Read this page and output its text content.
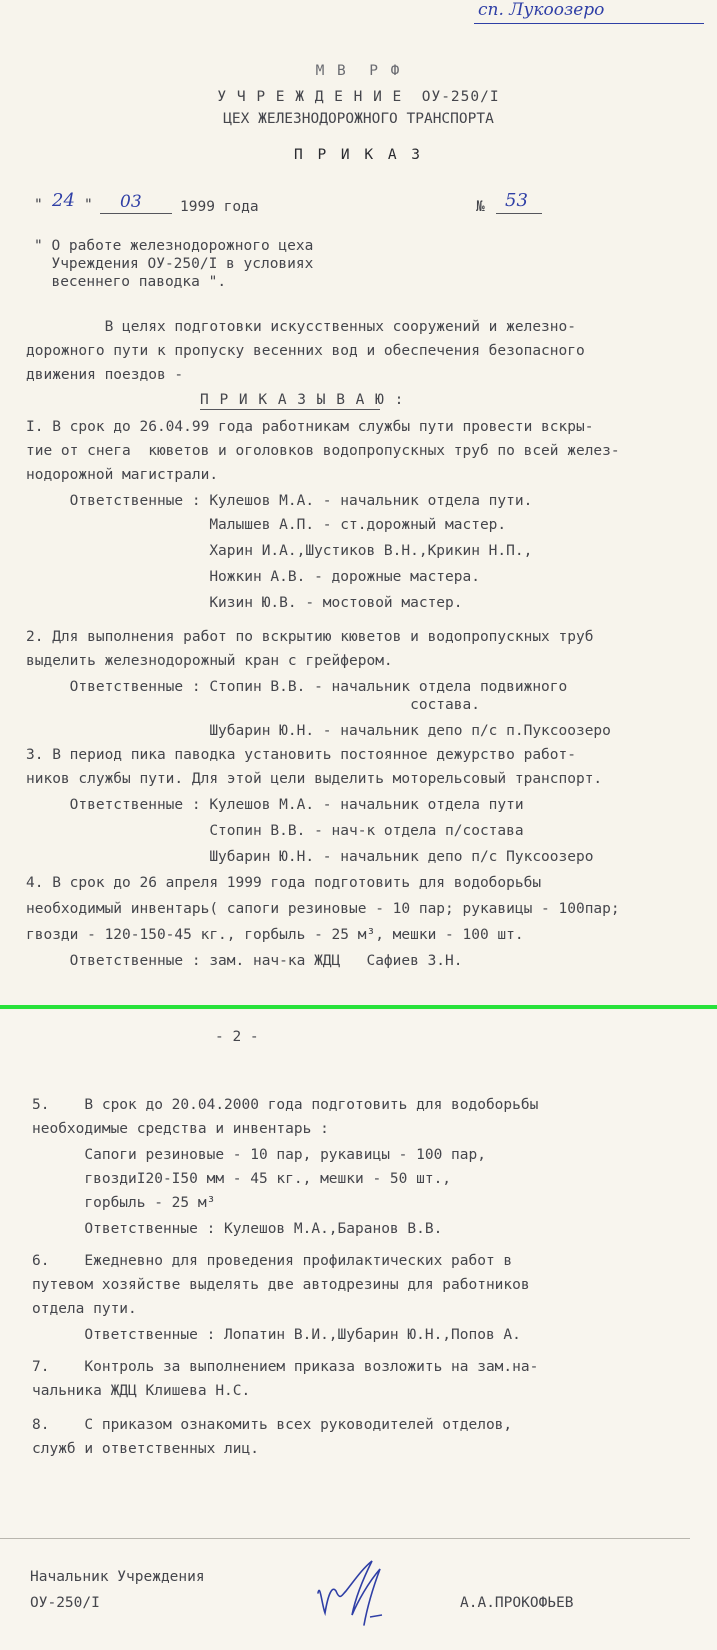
сп. Лукоозеро
М В  Р Ф
У Ч Р Е Ж Д Е Н И Е  ОУ-250/I
ЦЕХ ЖЕЛЕЗНОДОРОЖНОГО ТРАНСПОРТА
П Р И К А З
" 24 " 03	1999 года	№ 53
" О работе железнодорожного цеха
Учреждения ОУ-250/I в условиях
весеннего паводка ".
В целях подготовки искусственных сооружений и железно-
дорожного пути к пропуску весенних вод и обеспечения безопасного
движения поездов -
П Р И К А З Ы В А Ю :
I. В срок до 26.04.99 года работникам службы пути провести вскры-
тие от снега  кюветов и оголовков водопропускных труб по всей желез-
нодорожной магистрали.
Ответственные : Кулешов М.А. - начальник отдела пути.
Малышев А.П. - ст.дорожный мастер.
Харин И.А.,Шустиков В.Н.,Крикин Н.П.,
Ножкин А.В. - дорожные мастера.
Кизин Ю.В. - мостовой мастер.
2. Для выполнения работ по вскрытию кюветов и водопропускных труб
выделить железнодорожный кран с грейфером.
Ответственные : Стопин В.В. - начальник отдела подвижного
состава.
Шубарин Ю.Н. - начальник депо п/с п.Пуксоозеро
3. В период пика паводка установить постоянное дежурство работ-
ников службы пути. Для этой цели выделить моторельсовый транспорт.
Ответственные : Кулешов М.А. - начальник отдела пути
Стопин В.В. - нач-к отдела п/состава
Шубарин Ю.Н. - начальник депо п/с Пуксоозеро
4. В срок до 26 апреля 1999 года подготовить для водоборьбы
необходимый инвентарь( сапоги резиновые - 10 пар; рукавицы - 100пар;
гвозди - 120-150-45 кг., горбыль - 25 м³, мешки - 100 шт.
Ответственные : зам. нач-ка ЖДЦ   Сафиев З.Н.
- 2 -
5.    В срок до 20.04.2000 года подготовить для водоборьбы
необходимые средства и инвентарь :
Сапоги резиновые - 10 пар, рукавицы - 100 пар,
гвоздиI20-I50 мм - 45 кг., мешки - 50 шт.,
горбыль - 25 м³
Ответственные : Кулешов М.А.,Баранов В.В.
6.    Ежедневно для проведения профилактических работ в
путевом хозяйстве выделять две автодрезины для работников
отдела пути.
Ответственные : Лопатин В.И.,Шубарин Ю.Н.,Попов А.
7.    Контроль за выполнением приказа возложить на зам.на-
чальника ЖДЦ Клишева Н.С.
8.    С приказом ознакомить всех руководителей отделов,
служб и ответственных лиц.
Начальник Учреждения
ОУ-250/I	А.А.ПРОКОФЬЕВ
